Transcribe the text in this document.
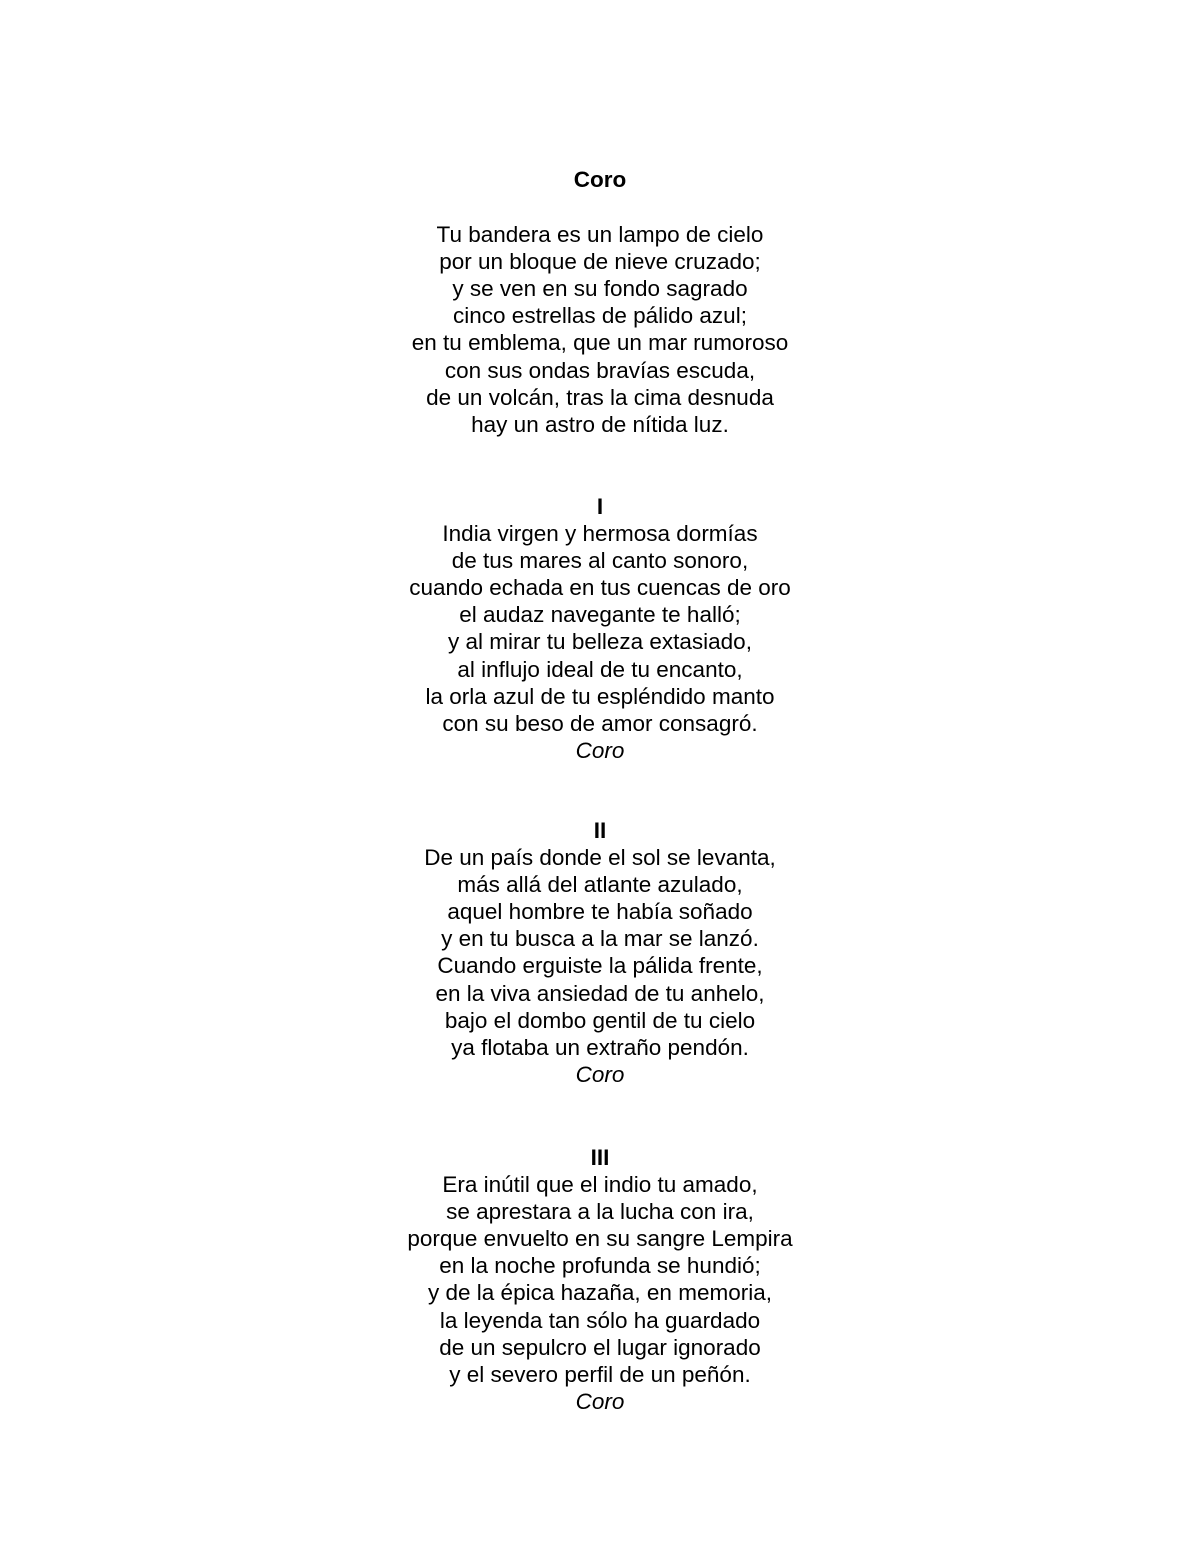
Coro
Tu bandera es un lampo de cielo
por un bloque de nieve cruzado;
y se ven en su fondo sagrado
cinco estrellas de pálido azul;
en tu emblema, que un mar rumoroso
con sus ondas bravías escuda,
de un volcán, tras la cima desnuda
hay un astro de nítida luz.
I
India virgen y hermosa dormías
de tus mares al canto sonoro,
cuando echada en tus cuencas de oro
el audaz navegante te halló;
y al mirar tu belleza extasiado,
al influjo ideal de tu encanto,
la orla azul de tu espléndido manto
con su beso de amor consagró.
Coro
II
De un país donde el sol se levanta,
más allá del atlante azulado,
aquel hombre te había soñado
y en tu busca a la mar se lanzó.
Cuando erguiste la pálida frente,
en la viva ansiedad de tu anhelo,
bajo el dombo gentil de tu cielo
ya flotaba un extraño pendón.
Coro
III
Era inútil que el indio tu amado,
se aprestara a la lucha con ira,
porque envuelto en su sangre Lempira
en la noche profunda se hundió;
y de la épica hazaña, en memoria,
la leyenda tan sólo ha guardado
de un sepulcro el lugar ignorado
y el severo perfil de un peñón.
Coro
